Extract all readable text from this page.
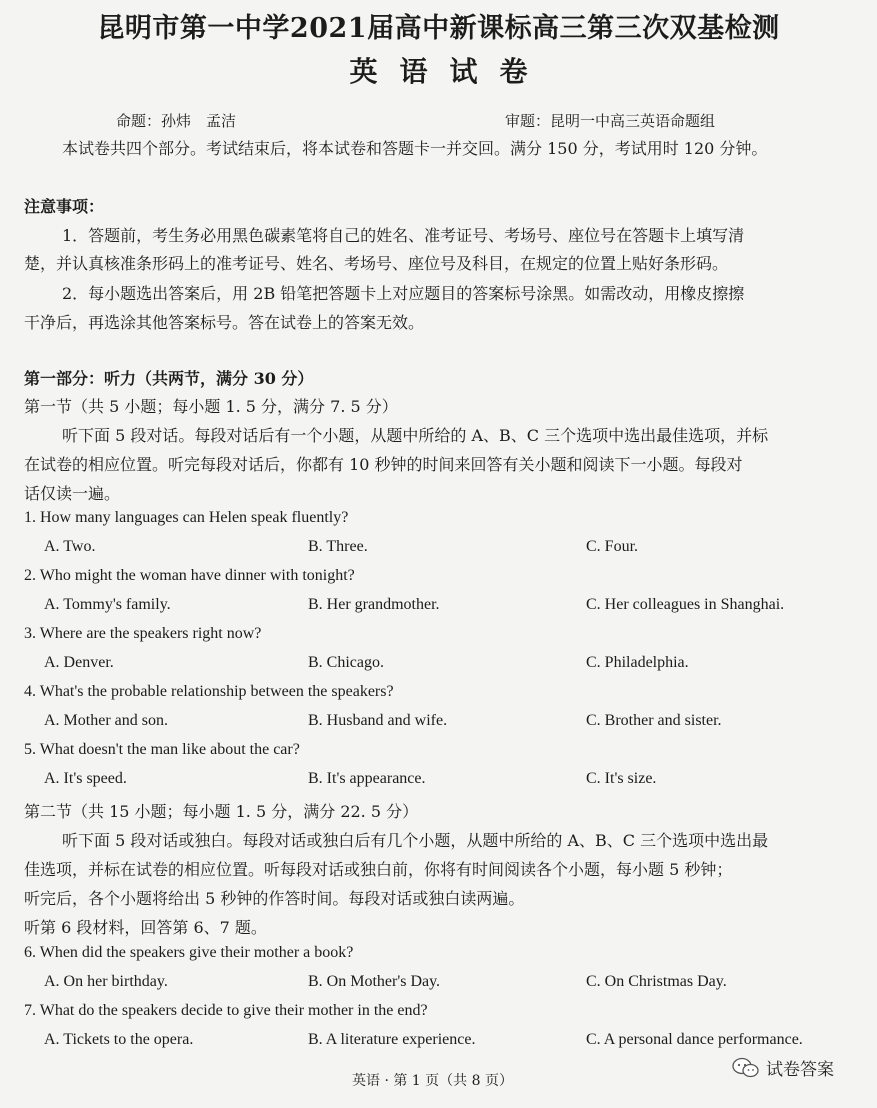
昆明市第一中学2021届高中新课标高三第三次双基检测
英语试卷
命题：孙炜　孟洁	审题：昆明一中高三英语命题组
本试卷共四个部分。考试结束后，将本试卷和答题卡一并交回。满分 150 分，考试用时 120 分钟。
注意事项：
1．答题前，考生务必用黑色碳素笔将自己的姓名、准考证号、考场号、座位号在答题卡上填写清
楚，并认真核准条形码上的准考证号、姓名、考场号、座位号及科目，在规定的位置上贴好条形码。
2．每小题选出答案后，用 2B 铅笔把答题卡上对应题目的答案标号涂黑。如需改动，用橡皮擦擦
干净后，再选涂其他答案标号。答在试卷上的答案无效。
第一部分：听力（共两节，满分 30 分）
第一节（共 5 小题；每小题 1. 5 分，满分 7. 5 分）
听下面 5 段对话。每段对话后有一个小题，从题中所给的 A、B、C 三个选项中选出最佳选项，并标
在试卷的相应位置。听完每段对话后，你都有 10 秒钟的时间来回答有关小题和阅读下一小题。每段对
话仅读一遍。
1. How many languages can Helen speak fluently?
A. Two.	B. Three.	C. Four.
2. Who might the woman have dinner with tonight?
A. Tommy's family.	B. Her grandmother.	C. Her colleagues in Shanghai.
3. Where are the speakers right now?
A. Denver.	B. Chicago.	C. Philadelphia.
4. What's the probable relationship between the speakers?
A. Mother and son.	B. Husband and wife.	C. Brother and sister.
5. What doesn't the man like about the car?
A. It's speed.	B. It's appearance.	C. It's size.
第二节（共 15 小题；每小题 1. 5 分，满分 22. 5 分）
听下面 5 段对话或独白。每段对话或独白后有几个小题，从题中所给的 A、B、C 三个选项中选出最
佳选项，并标在试卷的相应位置。听每段对话或独白前，你将有时间阅读各个小题，每小题 5 秒钟；
听完后，各个小题将给出 5 秒钟的作答时间。每段对话或独白读两遍。
听第 6 段材料，回答第 6、7 题。
6. When did the speakers give their mother a book?
A. On her birthday.	B. On Mother's Day.	C. On Christmas Day.
7. What do the speakers decide to give their mother in the end?
A. Tickets to the opera.	B. A literature experience.	C. A personal dance performance.
英语 · 第 1 页（共 8 页）
试卷答案
